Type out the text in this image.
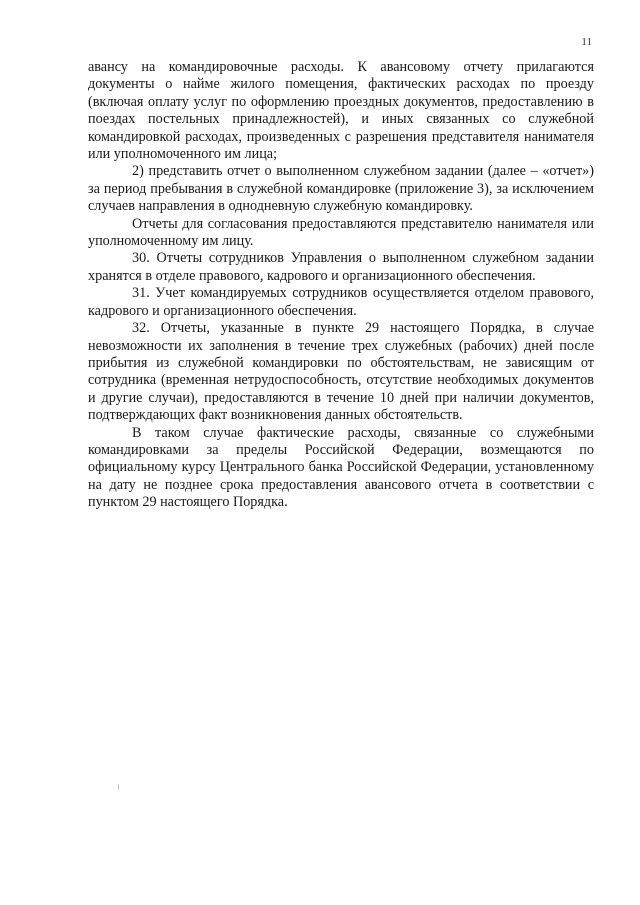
11

авансу на командировочные расходы. К авансовому отчету прилагаются документы о найме жилого помещения, фактических расходах по проезду (включая оплату услуг по оформлению проездных документов, предоставлению в поездах постельных принадлежностей), и иных связанных со служебной командировкой расходах, произведенных с разрешения представителя нанимателя или уполномоченного им лица;

2) представить отчет о выполненном служебном задании (далее – «отчет») за период пребывания в служебной командировке (приложение 3), за исключением случаев направления в однодневную служебную командировку.

Отчеты для согласования предоставляются представителю нанимателя или уполномоченному им лицу.

30. Отчеты сотрудников Управления о выполненном служебном задании хранятся в отделе правового, кадрового и организационного обеспечения.

31. Учет командируемых сотрудников осуществляется отделом правового, кадрового и организационного обеспечения.

32. Отчеты, указанные в пункте 29 настоящего Порядка, в случае невозможности их заполнения в течение трех служебных (рабочих) дней после прибытия из служебной командировки по обстоятельствам, не зависящим от сотрудника (временная нетрудоспособность, отсутствие необходимых документов и другие случаи), предоставляются в течение 10 дней при наличии документов, подтверждающих факт возникновения данных обстоятельств.

В таком случае фактические расходы, связанные со служебными командировками за пределы Российской Федерации, возмещаются по официальному курсу Центрального банка Российской Федерации, установленному на дату не позднее срока предоставления авансового отчета в соответствии с пунктом 29 настоящего Порядка.
